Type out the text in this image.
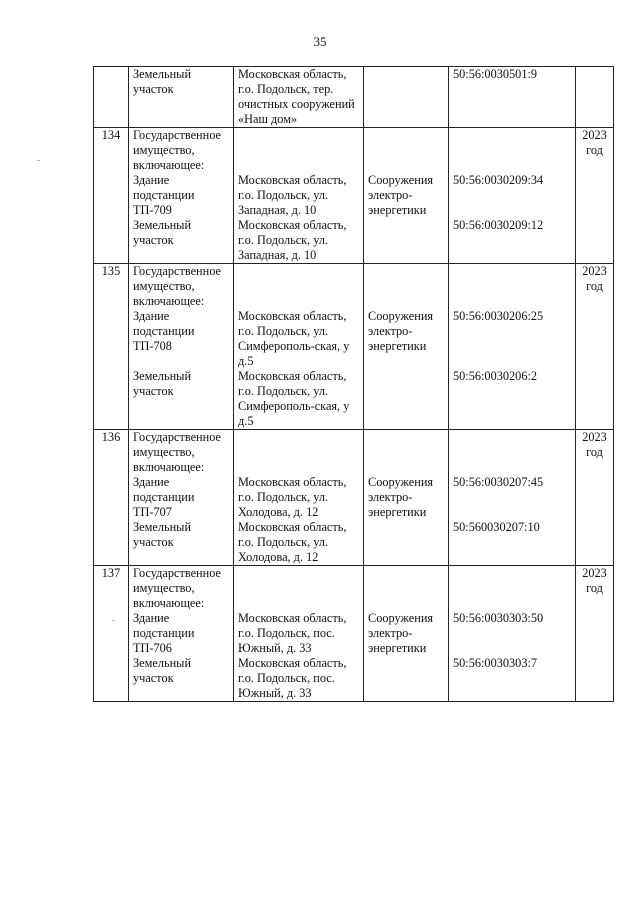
35
	Земельный участок	Московская область, г.о. Подольск, тер. очистных сооружений «Наш дом»		50:56:0030501:9	
134	Государственное имущество, включающее:				2023 год
	Здание подстанции ТП-709	Московская область, г.о. Подольск, ул. Западная, д. 10	Сооружения электро-энергетики	50:56:0030209:34	
	Земельный участок	Московская область, г.о. Подольск, ул. Западная, д. 10		50:56:0030209:12	
135	Государственное имущество, включающее:				2023 год
	Здание подстанции ТП-708	Московская область, г.о. Подольск, ул. Симферополь-ская, у д.5	Сооружения электро-энергетики	50:56:0030206:25	
	Земельный участок	Московская область, г.о. Подольск, ул. Симферополь-ская, у д.5		50:56:0030206:2	
136	Государственное имущество, включающее:				2023 год
	Здание подстанции ТП-707	Московская область, г.о. Подольск, ул. Холодова, д. 12	Сооружения электро-энергетики	50:56:0030207:45	
	Земельный участок	Московская область, г.о. Подольск, ул. Холодова, д. 12		50:560030207:10	
137	Государственное имущество, включающее:				2023 год
	Здание подстанции ТП-706	Московская область, г.о. Подольск, пос. Южный, д. 33	Сооружения электро-энергетики	50:56:0030303:50	
	Земельный участок	Московская область, г.о. Подольск, пос. Южный, д. 33		50:56:0030303:7	
